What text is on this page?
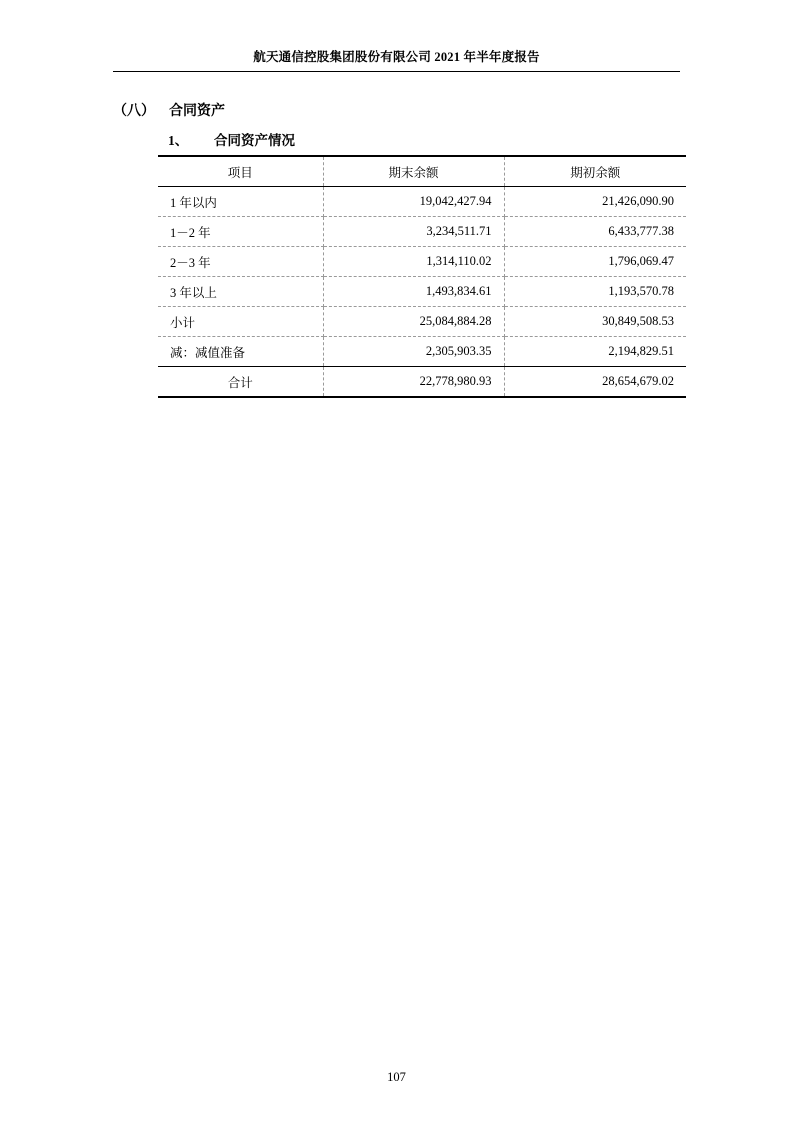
航天通信控股集团股份有限公司 2021 年半年度报告
（八） 合同资产
1、 合同资产情况
项目	期末余额	期初余额
1 年以内	19,042,427.94	21,426,090.90
1－2 年	3,234,511.71	6,433,777.38
2－3 年	1,314,110.02	1,796,069.47
3 年以上	1,493,834.61	1,193,570.78
小计	25,084,884.28	30,849,508.53
减：减值准备	2,305,903.35	2,194,829.51
合计	22,778,980.93	28,654,679.02
107
